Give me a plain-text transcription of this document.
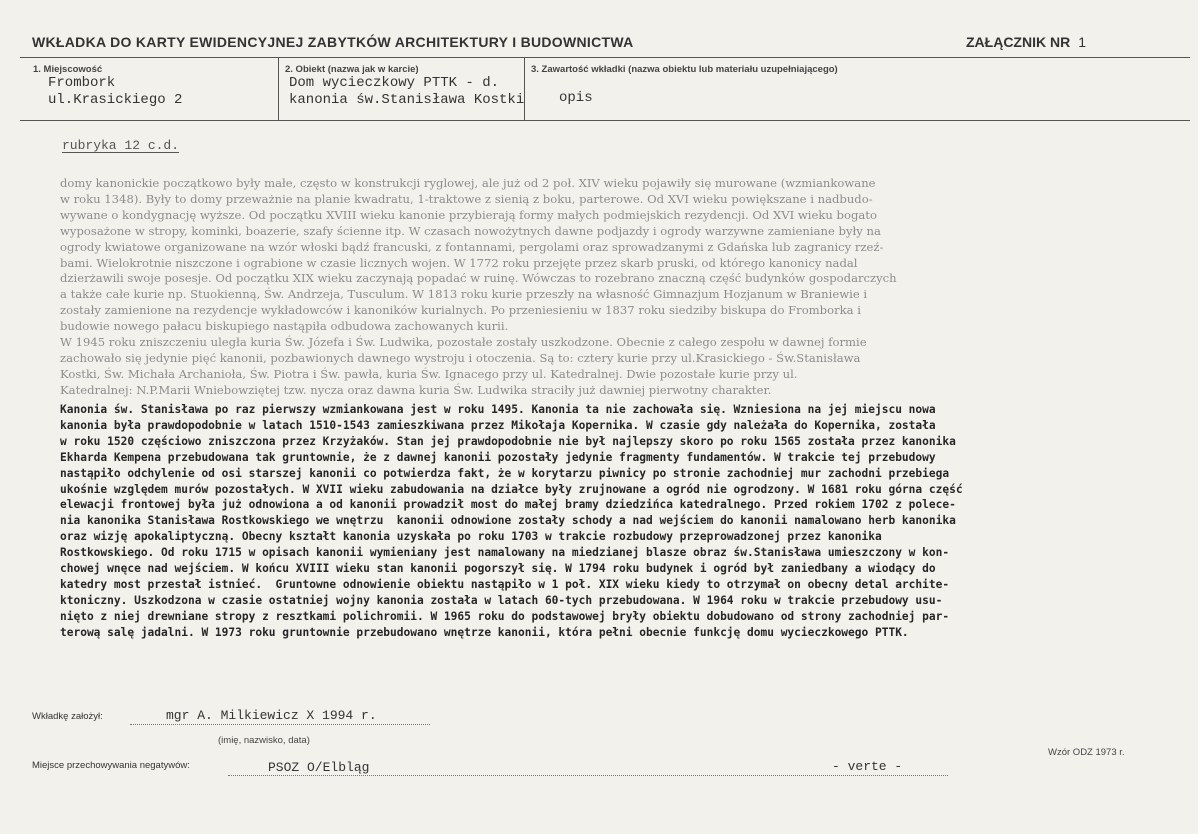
WKŁADKA DO KARTY EWIDENCYJNEJ ZABYTKÓW ARCHITEKTURY I BUDOWNICTWA	ZAŁĄCZNIK NR 1
1. Miejscowość
Frombork
ul.Krasickiego 2
2. Obiekt (nazwa jak w karcie)
Dom wycieczkowy PTTK - d.
kanonia św.Stanisława Kostki
3. Zawartość wkładki (nazwa obiektu lub materiału uzupełniającego)
opis
rubryka 12 c.d.
domy kanonickie początkowo były małe, często w konstrukcji ryglowej, ale już od 2 poł. XIV wieku pojawiły się murowane (wzmiankowane
w roku 1348). Były to domy przeważnie na planie kwadratu, 1-traktowe z sienią z boku, parterowe. Od XVI wieku powiększane i nadbudo-
wywane o kondygnację wyższe. Od początku XVIII wieku kanonie przybierają formy małych podmiejskich rezydencji. Od XVI wieku bogato
wyposażone w stropy, kominki, boazerie, szafy ścienne itp. W czasach nowożytnych dawne podjazdy i ogrody warzywne zamieniane były na
ogrody kwiatowe organizowane na wzór włoski bądź francuski, z fontannami, pergolami oraz sprowadzanymi z Gdańska lub zagranicy rzeź-
bami. Wielokrotnie niszczone i ograbione w czasie licznych wojen. W 1772 roku przejęte przez skarb pruski, od którego kanonicy nadal
dzierżawili swoje posesje. Od początku XIX wieku zaczynają popadać w ruinę. Wówczas to rozebrano znaczną część budynków gospodarczych
a także całe kurie np. Stuokienną, Św. Andrzeja, Tusculum. W 1813 roku kurie przeszły na własność Gimnazjum Hozjanum w Braniewie i
zostały zamienione na rezydencje wykładowców i kanoników kurialnych. Po przeniesieniu w 1837 roku siedziby biskupa do Fromborka i
budowie nowego pałacu biskupiego nastąpiła odbudowa zachowanych kurii.
W 1945 roku zniszczeniu uległa kuria Św. Józefa i Św. Ludwika, pozostałe zostały uszkodzone. Obecnie z całego zespołu w dawnej formie
zachowało się jedynie pięć kanonii, pozbawionych dawnego wystroju i otoczenia. Są to: cztery kurie przy ul.Krasickiego - Św.Stanisława
Kostki, Św. Michała Archanioła, Św. Piotra i Św. pawła, kuria Św. Ignacego przy ul. Katedralnej. Dwie pozostałe kurie przy ul.
Katedralnej: N.P.Marii Wniebowziętej tzw. nycza oraz dawna kuria Św. Ludwika straciły już dawniej pierwotny charakter.
Kanonia św. Stanisława po raz pierwszy wzmiankowana jest w roku 1495. Kanonia ta nie zachowała się. Wzniesiona na jej miejscu nowa
kanonia była prawdopodobnie w latach 1510-1543 zamieszkiwana przez Mikołaja Kopernika. W czasie gdy należała do Kopernika, została
w roku 1520 częściowo zniszczona przez Krzyżaków. Stan jej prawdopodobnie nie był najlepszy skoro po roku 1565 została przez kanonika
Ekharda Kempena przebudowana tak gruntownie, że z dawnej kanonii pozostały jedynie fragmenty fundamentów. W trakcie tej przebudowy
nastąpiło odchylenie od osi starszej kanonii co potwierdza fakt, że w korytarzu piwnicy po stronie zachodniej mur zachodni przebiega
ukośnie względem murów pozostałych. W XVII wieku zabudowania na działce były zrujnowane a ogród nie ogrodzony. W 1681 roku górna część
elewacji frontowej była już odnowiona a od kanonii prowadził most do małej bramy dziedzińca katedralnego. Przed rokiem 1702 z polece-
nia kanonika Stanisława Rostkowskiego we wnętrzu  kanonii odnowione zostały schody a nad wejściem do kanonii namalowano herb kanonika
oraz wizję apokaliptyczną. Obecny kształt kanonia uzyskała po roku 1703 w trakcie rozbudowy przeprowadzonej przez kanonika
Rostkowskiego. Od roku 1715 w opisach kanonii wymieniany jest namalowany na miedzianej blasze obraz św.Stanisława umieszczony w kon-
chowej wnęce nad wejściem. W końcu XVIII wieku stan kanonii pogorszył się. W 1794 roku budynek i ogród był zaniedbany a wiodący do
katedry most przestał istnieć.  Gruntowne odnowienie obiektu nastąpiło w 1 poł. XIX wieku kiedy to otrzymał on obecny detal archite-
ktoniczny. Uszkodzona w czasie ostatniej wojny kanonia została w latach 60-tych przebudowana. W 1964 roku w trakcie przebudowy usu-
nięto z niej drewniane stropy z resztkami polichromii. W 1965 roku do podstawowej bryły obiektu dobudowano od strony zachodniej par-
terową salę jadalni. W 1973 roku gruntownie przebudowano wnętrze kanonii, która pełni obecnie funkcję domu wycieczkowego PTTK.
Wkładkę założył:	mgr A. Milkiewicz X 1994 r.
(imię, nazwisko, data)
Miejsce przechowywania negatywów:	PSOZ O/Elbląg	- verte -
Wzór ODZ 1973 r.
